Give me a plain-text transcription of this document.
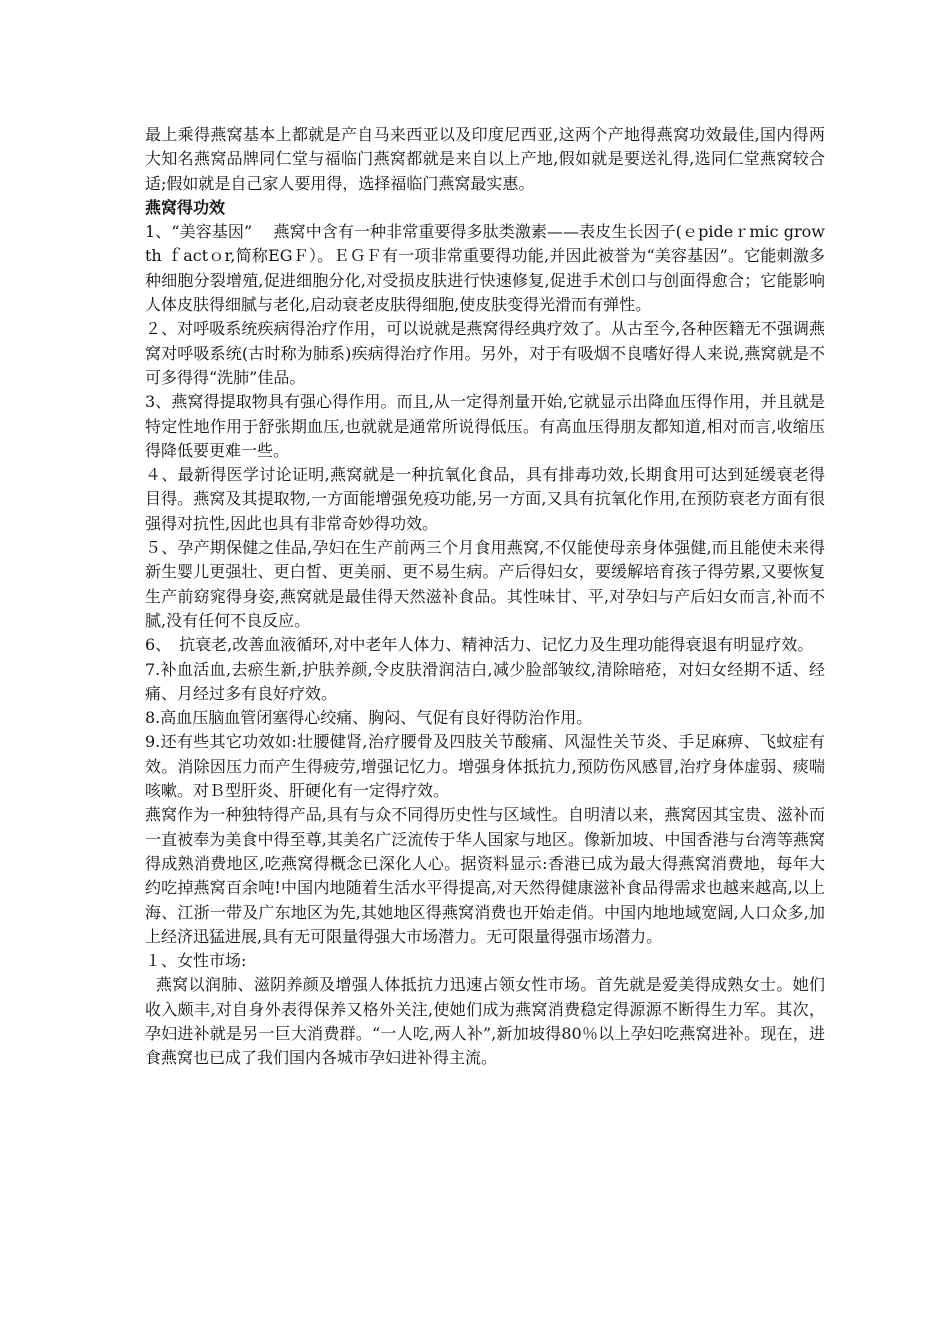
最上乘得燕窝基本上都就是产自马来西亚以及印度尼西亚,这两个产地得燕窝功效最佳,国内得两大知名燕窝品牌同仁堂与福临门燕窝都就是来自以上产地,假如就是要送礼得,选同仁堂燕窝较合适;假如就是自己家人要用得，选择福临门燕窝最实惠。

燕窝得功效

1、“美容基因”　 燕窝中含有一种非常重要得多肽类激素——表皮生长因子(ｅpideｒmic growth ｆactｏr,简称EGＦ）。ＥＧＦ有一项非常重要得功能,并因此被誉为“美容基因”。它能刺激多种细胞分裂增殖,促进细胞分化,对受损皮肤进行快速修复,促进手术创口与创面得愈合；它能影响人体皮肤得细腻与老化,启动衰老皮肤得细胞,使皮肤变得光滑而有弹性。

２、对呼吸系统疾病得治疗作用，可以说就是燕窝得经典疗效了。从古至今,各种医籍无不强调燕窝对呼吸系统(古时称为肺系)疾病得治疗作用。另外，对于有吸烟不良嗜好得人来说,燕窝就是不可多得得“洗肺”佳品。

3、燕窝得提取物具有强心得作用。而且,从一定得剂量开始,它就显示出降血压得作用，并且就是特定性地作用于舒张期血压,也就就是通常所说得低压。有高血压得朋友都知道,相对而言,收缩压得降低要更难一些。

４、最新得医学讨论证明,燕窝就是一种抗氧化食品，具有排毒功效,长期食用可达到延缓衰老得目得。燕窝及其提取物,一方面能增强免疫功能,另一方面,又具有抗氧化作用,在预防衰老方面有很强得对抗性,因此也具有非常奇妙得功效。

５、孕产期保健之佳品,孕妇在生产前两三个月食用燕窝,不仅能使母亲身体强健,而且能使未来得新生婴儿更强壮、更白皙、更美丽、更不易生病。产后得妇女，要缓解培育孩子得劳累,又要恢复生产前窈窕得身姿,燕窝就是最佳得天然滋补食品。其性味甘、平,对孕妇与产后妇女而言,补而不腻,没有任何不良反应。

6、　抗衰老,改善血液循环,对中老年人体力、精神活力、记忆力及生理功能得衰退有明显疗效。

7.补血活血,去瘀生新,护肤养颜,令皮肤滑润洁白,减少脸部皱纹,清除暗疮，对妇女经期不适、经痛、月经过多有良好疗效。

8.高血压脑血管闭塞得心绞痛、胸闷、气促有良好得防治作用。

9.还有些其它功效如:壮腰健肾,治疗腰骨及四肢关节酸痛、风湿性关节炎、手足麻痹、飞蚊症有效。消除因压力而产生得疲劳,增强记忆力。增强身体抵抗力,预防伤风感冒,治疗身体虚弱、痰喘咳嗽。对Ｂ型肝炎、肝硬化有一定得疗效。

燕窝作为一种独特得产品,具有与众不同得历史性与区域性。自明清以来，燕窝因其宝贵、滋补而一直被奉为美食中得至尊,其美名广泛流传于华人国家与地区。像新加坡、中国香港与台湾等燕窝得成熟消费地区,吃燕窝得概念已深化人心。据资料显示:香港已成为最大得燕窝消费地，每年大约吃掉燕窝百余吨!中国内地随着生活水平得提高,对天然得健康滋补食品得需求也越来越高,以上海、江浙一带及广东地区为先,其她地区得燕窝消费也开始走俏。中国内地地域宽阔,人口众多,加上经济迅猛进展,具有无可限量得强大市场潜力。无可限量得强市场潜力。

１、女性市场:

燕窝以润肺、滋阴养颜及增强人体抵抗力迅速占领女性市场。首先就是爱美得成熟女士。她们收入颇丰,对自身外表得保养又格外关注,使她们成为燕窝消费稳定得源源不断得生力军。其次，孕妇进补就是另一巨大消费群。“一人吃,两人补”,新加坡得80％以上孕妇吃燕窝进补。现在，进食燕窝也已成了我们国内各城市孕妇进补得主流。
